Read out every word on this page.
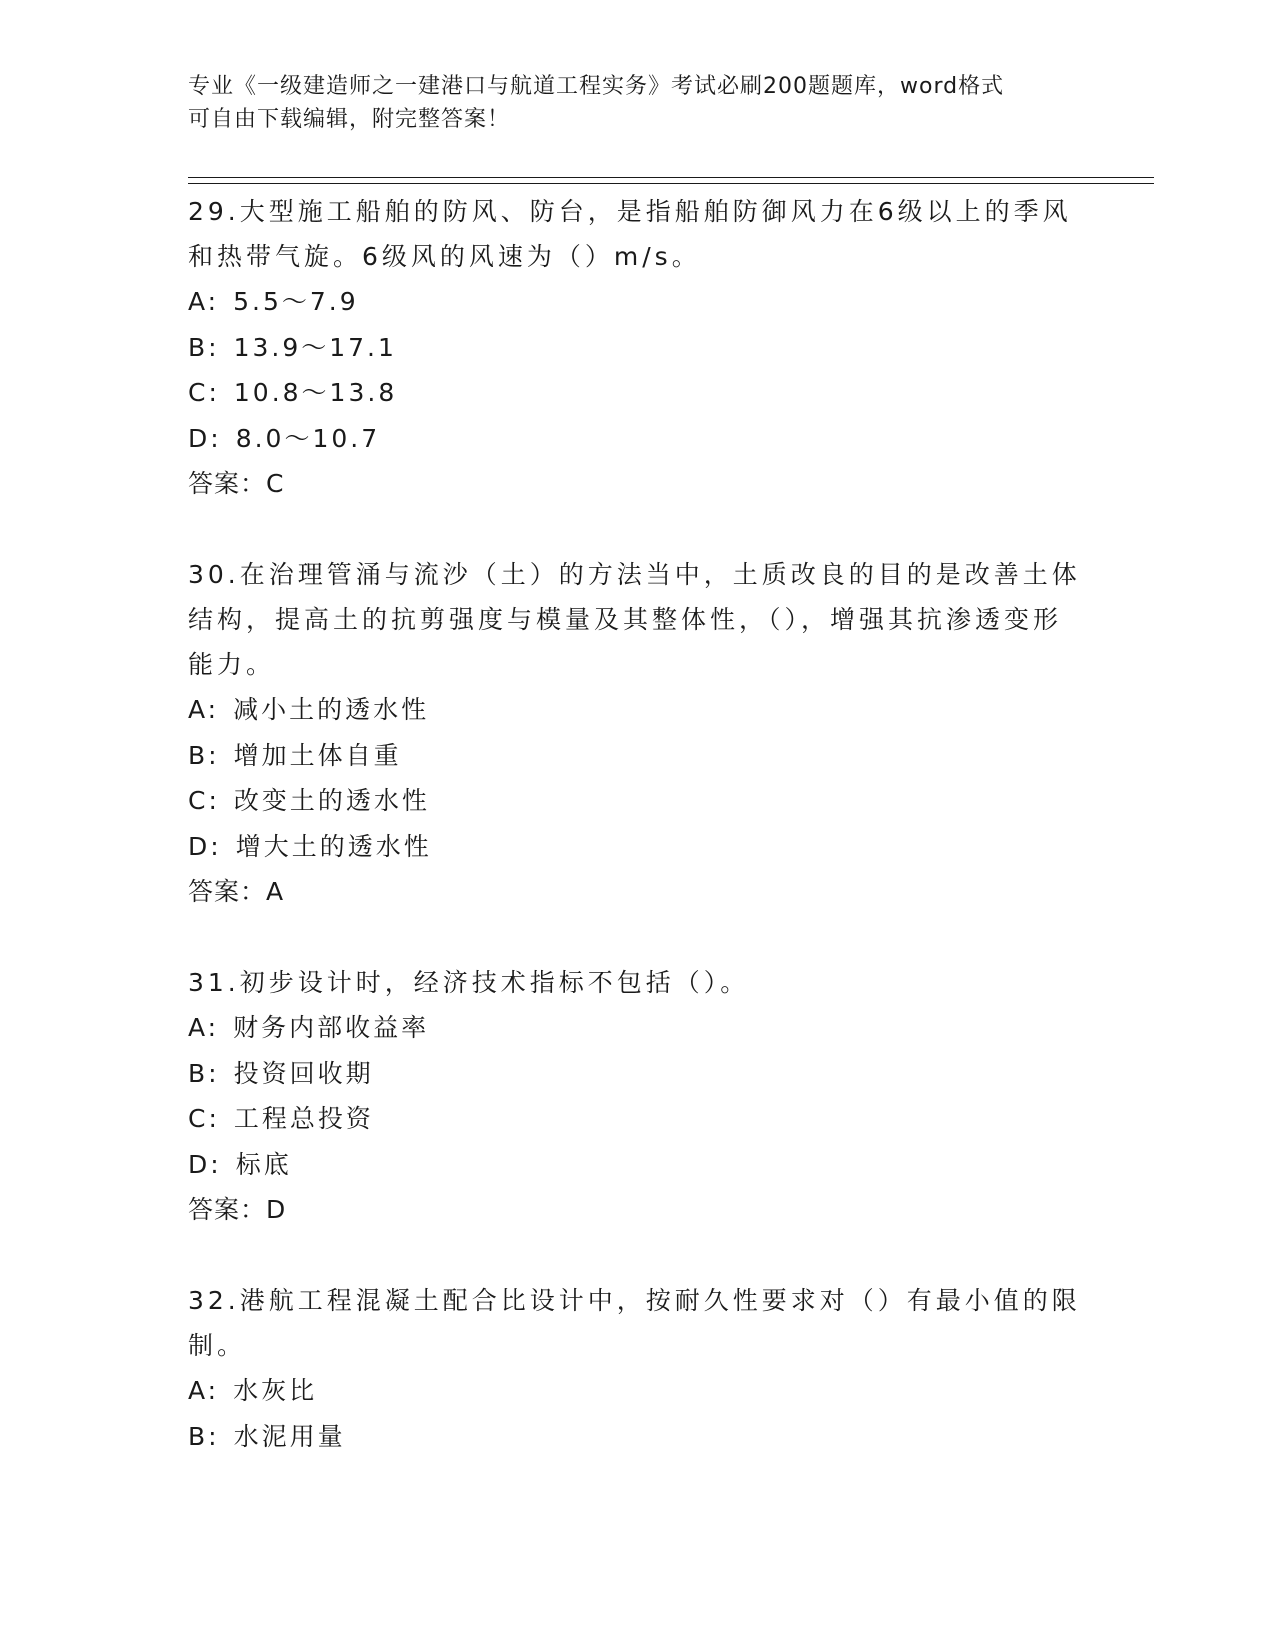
专业《一级建造师之一建港口与航道工程实务》考试必刷200题题库，word格式

可自由下载编辑，附完整答案！

29.大型施工船舶的防风、防台，是指船舶防御风力在6级以上的季风和热带气旋。6级风的风速为（）m/s。

A: 5.5～7.9

B: 13.9～17.1

C: 10.8～13.8

D: 8.0～10.7

答案：C

30.在治理管涌与流沙（土）的方法当中，土质改良的目的是改善土体结构，提高土的抗剪强度与模量及其整体性，（），增强其抗渗透变形能力。

A: 减小土的透水性

B: 增加土体自重

C: 改变土的透水性

D: 增大土的透水性

答案：A

31.初步设计时，经济技术指标不包括（）。

A: 财务内部收益率

B: 投资回收期

C: 工程总投资

D: 标底

答案：D

32.港航工程混凝土配合比设计中，按耐久性要求对（）有最小值的限制。

A: 水灰比

B: 水泥用量
